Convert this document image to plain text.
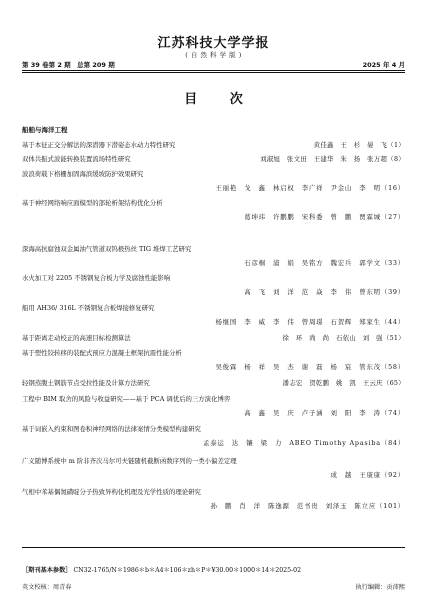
江苏科技大学学报
( 自 然 科 学 版 )
第 39 卷第 2 期　总第 209 期	2025 年 4 月
目 次
船舶与海洋工程
基于本征正交分解法的深潜器下潜姿态水动力特性研究	黄佳鑫　王　杉　晏　飞（1）
双体共振式波能转换装置流场特性研究	刘淑旭　张文田　王建华　朱　扬　张万超（8）
波浪荷载下格栅加固海滨缓坡防护效果研究
王丽艳　戈　鑫　林启权　李广祥　尹金山　李　明（16）
基于神经网络响应面模型的部轮析架结构优化分析
葛坤玮　许鹏鹏　宋科委　曾　鹏　贾霖城（27）
深海高抗腐蚀双金属油气管道双钨极热丝 TIG 堆焊工艺研究
石彦桐　浦　娟　吴铭方　魏宏兵　郭学文（33）
水火加工对 2205 不锈钢复合板力学及腐蚀性能影响
高　飞　刘　洋　范　焱　李　伟　曾东明（39）
船用 AH36/ 316L 不锈钢复合板焊接修复研究
杨继国　李　威　李　伟　曾周璟　石贺辉　郑家生（44）
基于距离走动校正的高速目标检测算法	徐　环　尚　尚　石依山　刘　强（51）
基于塑性铰转移的装配式预应力混凝土框架抗震性能分析
吴俊霖　杨　祥　吴　杰　谢　磊　杨　宸　管东茂（58）
轻钢蒸腹土钢筋节点受拉性能及计算方法研究	潘志宏　贺乾鹏　姚　凯　王云庆（65）
工程中 BIM 取舍的风险与收益研究——基于 PCA 调优后的三方演化博弈
高　鑫　吴　庆　卢子涵　刘　阳　李　涛（74）
基于词嵌入约束和图卷积神经网络的法律案情分类模型构建研究
孟泰运　达　镶　梁　力　ABEO Timothy Apasiba（84）
广义随博系统中 m 阶非齐次马尔可夫链随机截断函数序列的一类小偏差定理
成　越　王康康（92）
气相中苯基偶氮磺啶分子热致异构化机理及光学性质的理论研究
孙　鹏　肖　洋　陈逸源　范书贵　刘泽玉　陈立应（101）
［期刊基本参数］ CN32-1765/N＊1986＊b＊A4＊106＊zh＊P＊¥30.00＊1000＊14＊2025-02
英文校核：周青春	执行编辑：贡沛熙
